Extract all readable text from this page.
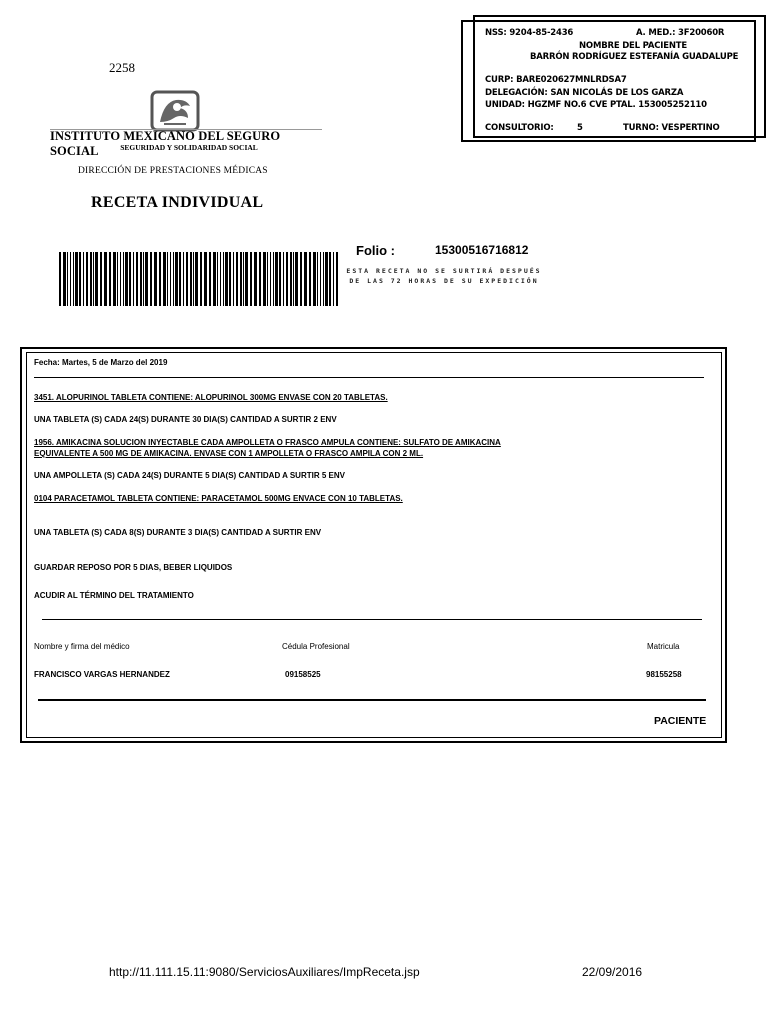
2258
INSTITUTO MEXICANO DEL SEGURO SOCIAL	SEGURIDAD Y SOLIDARIDAD SOCIAL
DIRECCIÓN DE PRESTACIONES MÉDICAS
RECETA INDIVIDUAL
NSS: 9204-85-2436	A. MED.: 3F20060R
NOMBRE DEL PACIENTE
BARRÓN RODRÍGUEZ ESTEFANÍA GUADALUPE
CURP: BARE020627MNLRDSA7
DELEGACIÓN: SAN NICOLÁS DE LOS GARZA
UNIDAD: HGZMF NO.6 CVE PTAL. 153005252110
CONSULTORIO:	5	TURNO: VESPERTINO
Folio :	15300516716812
ESTA RECETA NO SE SURTIRÁ DESPUÉS
DE LAS 72 HORAS DE SU EXPEDICIÓN
Fecha: Martes, 5 de Marzo del 2019
3451. ALOPURINOL TABLETA CONTIENE: ALOPURINOL 300MG ENVASE CON 20 TABLETAS.
UNA TABLETA (S) CADA 24(S) DURANTE 30 DIA(S) CANTIDAD A SURTIR 2 ENV
1956. AMIKACINA SOLUCION INYECTABLE CADA AMPOLLETA O FRASCO AMPULA CONTIENE: SULFATO DE AMIKACINA
EQUIVALENTE A 500 MG DE AMIKACINA. ENVASE CON 1 AMPOLLETA O FRASCO AMPILA CON 2 ML.
UNA AMPOLLETA (S) CADA 24(S) DURANTE 5 DIA(S) CANTIDAD A SURTIR 5 ENV
0104 PARACETAMOL TABLETA CONTIENE: PARACETAMOL 500MG ENVACE CON 10 TABLETAS.
UNA TABLETA (S) CADA 8(S) DURANTE 3 DIA(S) CANTIDAD A SURTIR ENV
GUARDAR REPOSO POR 5 DIAS, BEBER LIQUIDOS
ACUDIR AL TÉRMINO DEL TRATAMIENTO
Nombre y firma del médico	Cédula Profesional	Matricula
FRANCISCO VARGAS HERNANDEZ	09158525	98155258
PACIENTE
http://11.111.15.11:9080/ServiciosAuxiliares/ImpReceta.jsp	22/09/2016
